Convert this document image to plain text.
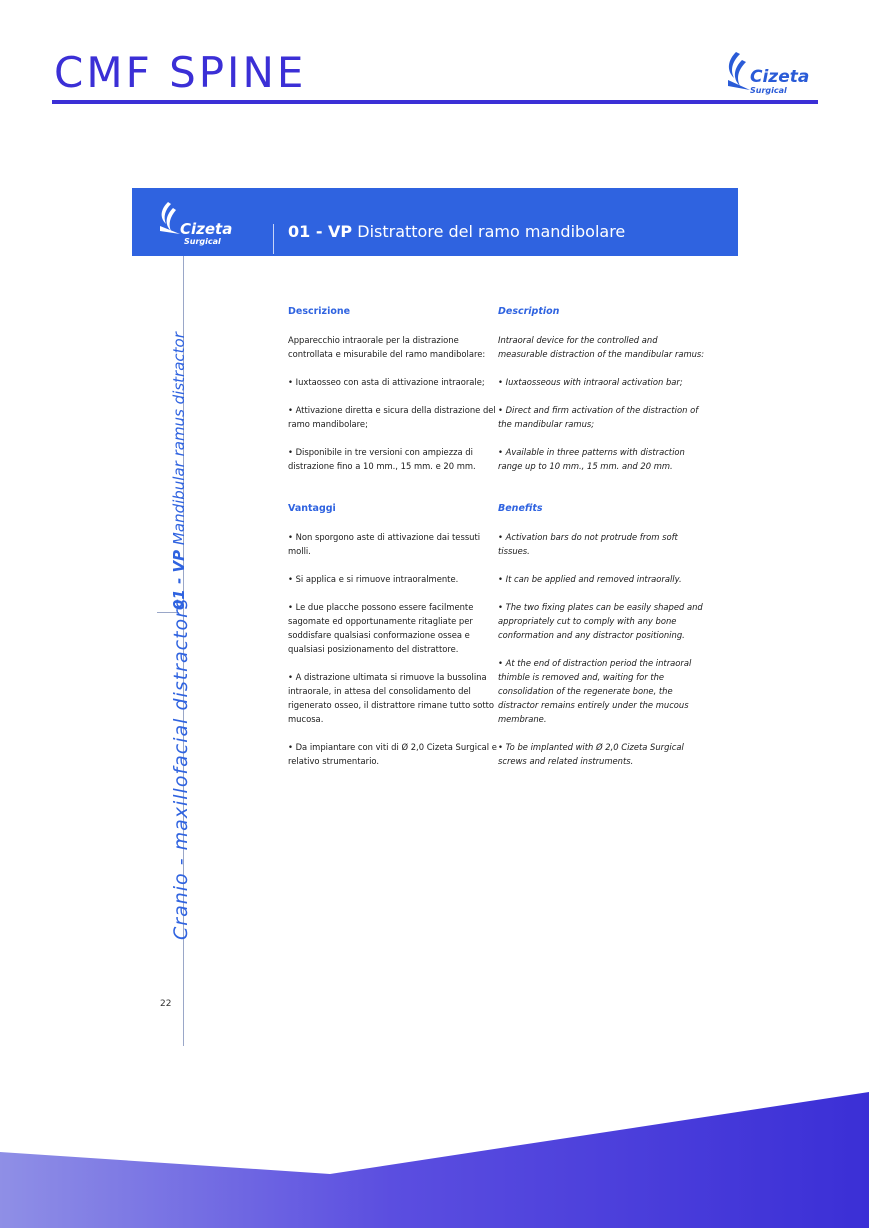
CMF SPINE	Cizeta
Surgical
Cizeta
Surgical
01 - VP Distrattore del ramo mandibolare
01 - VP Mandibular ramus distractor
Cranio - maxillofacial distractors
22
Descrizione

Apparecchio intraorale per la distrazione controllata e misurabile del ramo mandibolare:

• Iuxtaosseo con asta di attivazione intraorale;

• Attivazione diretta e sicura della distrazione del ramo mandibolare;

• Disponibile in tre versioni con ampiezza di distrazione fino a 10 mm., 15 mm. e 20 mm.

Description

Intraoral device for the controlled and measurable distraction of the mandibular ramus:

• Iuxtaosseous with intraoral activation bar;

• Direct and firm activation of the distraction of the mandibular ramus;

• Available in three patterns with distraction range up to 10 mm., 15 mm. and 20 mm.

Vantaggi

• Non sporgono aste di attivazione dai tessuti molli.

• Si applica e si rimuove intraoralmente.

• Le due placche possono essere facilmente sagomate ed opportunamente ritagliate per soddisfare qualsiasi conformazione ossea e qualsiasi posizionamento del distrattore.

• A distrazione ultimata si rimuove la bussolina intraorale, in attesa del consolidamento del rigenerato osseo, il distrattore rimane tutto sotto mucosa.

• Da impiantare con viti di Ø 2,0 Cizeta Surgical e relativo strumentario.

Benefits

• Activation bars do not protrude from soft tissues.

• It can be applied and removed intraorally.

• The two fixing plates can be easily shaped and appropriately cut to comply with any bone conformation and any distractor positioning.

• At the end of distraction period the intraoral thimble is removed and, waiting for the consolidation of the regenerate bone, the distractor remains entirely under the mucous membrane.

• To be implanted with Ø 2,0 Cizeta Surgical screws and related instruments.
